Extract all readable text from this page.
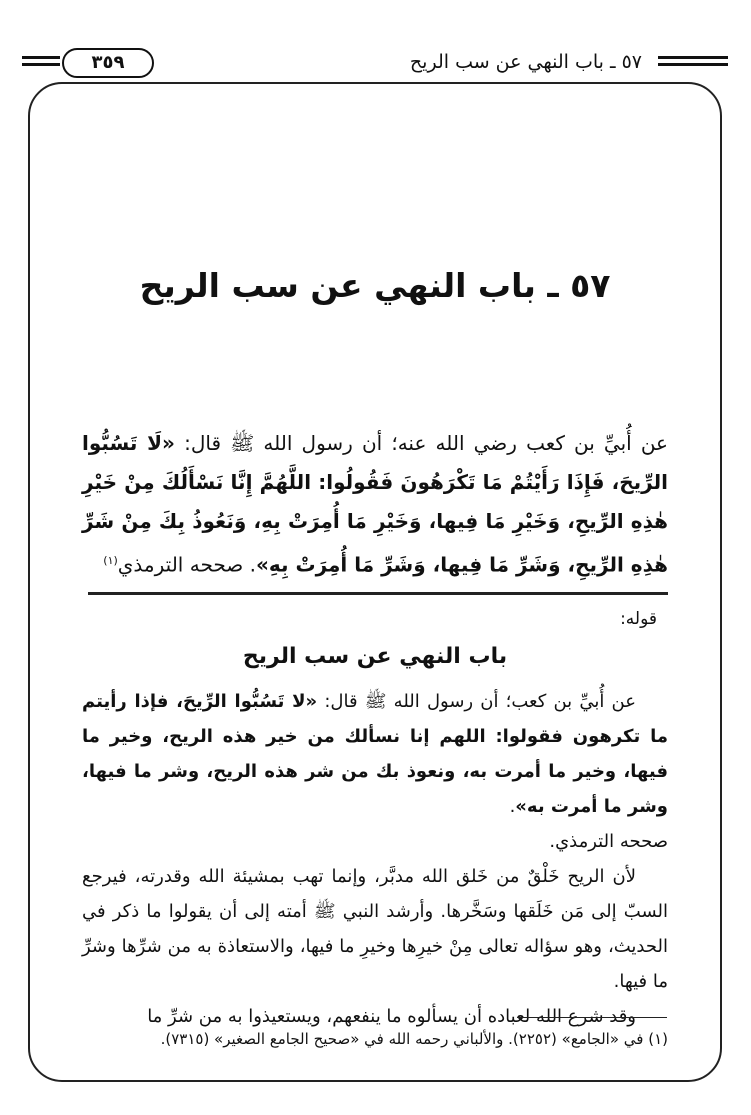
٥٧ ـ باب النهي عن سب الريح
٣٥٩
٥٧ ـ باب النهي عن سب الريح
عن أُبيِّ بن كعب رضي الله عنه؛ أن رسول الله ﷺ قال: «لَا تَسُبُّوا الرِّيحَ، فَإِذَا رَأَيْتُمْ مَا تَكْرَهُونَ فَقُولُوا: اللَّهُمَّ إِنَّا نَسْأَلُكَ مِنْ خَيْرِ هٰذِهِ الرِّيحِ، وَخَيْرِ مَا فِيها، وَخَيْرِ مَا أُمِرَتْ بِهِ، وَنَعُوذُ بِكَ مِنْ شَرِّ هٰذِهِ الرِّيحِ، وَشَرِّ مَا فِيها، وَشَرِّ مَا أُمِرَتْ بِهِ». صححه الترمذي$^{(١)}$
قوله:
باب النهي عن سب الريح

عن أُبيِّ بن كعب؛ أن رسول الله ﷺ قال: «لا تَسُبُّوا الرِّيحَ، فإذا رأيتم ما تكرهون فقولوا: اللهم إنا نسألك من خير هذه الريح، وخير ما فيها، وخير ما أمرت به، ونعوذ بك من شر هذه الريح، وشر ما فيها، وشر ما أمرت به».

صححه الترمذي.

لأن الريح خَلْقٌ من خَلق الله مدبَّر، وإنما تهب بمشيئة الله وقدرته، فيرجع السبّ إلى مَن خَلَقها وسَخَّرها. وأرشد النبي ﷺ أمته إلى أن يقولوا ما ذكر في الحديث، وهو سؤاله تعالى مِنْ خيرِها وخيرِ ما فيها، والاستعاذة به من شرِّها وشرِّ ما فيها.

وقد شرع الله لعباده أن يسألوه ما ينفعهم، ويستعيذوا به من شرِّ ما

(١) في «الجامع» (٢٢٥٢). والألباني رحمه الله في «صحيح الجامع الصغير» (٧٣١٥).
